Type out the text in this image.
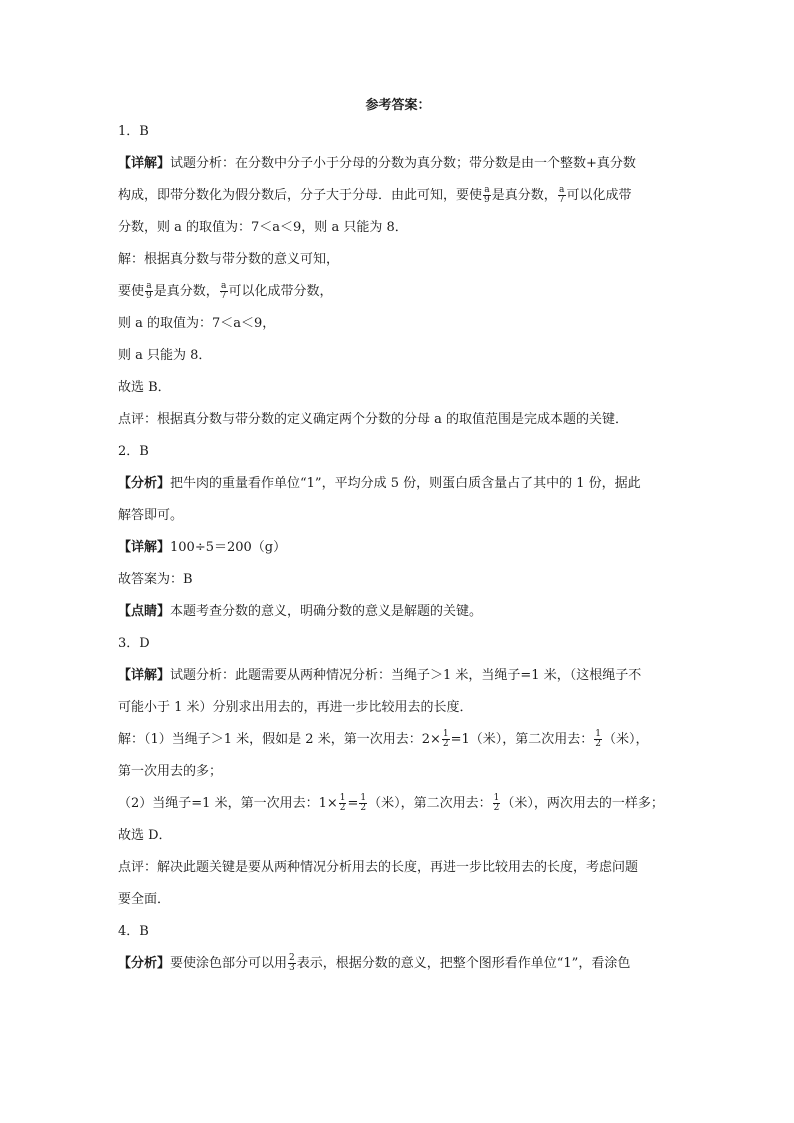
参考答案：
1．B
【详解】试题分析：在分数中分子小于分母的分数为真分数；带分数是由一个整数+真分数
构成，即带分数化为假分数后，分子大于分母．由此可知，要使 $\frac{a}{9}$ 是真分数， $\frac{a}{7}$ 可以化成带
分数，则 a 的取值为：7＜a＜9，则 a 只能为 8．
解：根据真分数与带分数的意义可知，
要使 $\frac{a}{9}$ 是真分数， $\frac{a}{7}$ 可以化成带分数，
则 a 的取值为：7＜a＜9，
则 a 只能为 8．
故选 B．
点评：根据真分数与带分数的定义确定两个分数的分母 a 的取值范围是完成本题的关键．
2．B
【分析】把牛肉的重量看作单位“1”，平均分成 5 份，则蛋白质含量占了其中的 1 份，据此
解答即可。
【详解】100÷5＝200（g）
故答案为：B
【点睛】本题考查分数的意义，明确分数的意义是解题的关键。
3．D
【详解】试题分析：此题需要从两种情况分析：当绳子＞1 米，当绳子=1 米，（这根绳子不
可能小于 1 米）分别求出用去的，再进一步比较用去的长度．
解：（1）当绳子＞1 米，假如是 2 米，第一次用去：$2\times \frac{1}{2} =1$（米），第二次用去： $\frac{1}{2}$ （米），
第一次用去的多；
（2）当绳子=1 米，第一次用去：$1\times \frac{1}{2} = \frac{1}{2}$ （米），第二次用去： $\frac{1}{2}$ （米），两次用去的一样多；
故选 D．
点评：解决此题关键是要从两种情况分析用去的长度，再进一步比较用去的长度，考虑问题
要全面．
4．B
【分析】要使涂色部分可以用 $\frac{2}{3}$ 表示，根据分数的意义，把整个图形看作单位“1”，看涂色
